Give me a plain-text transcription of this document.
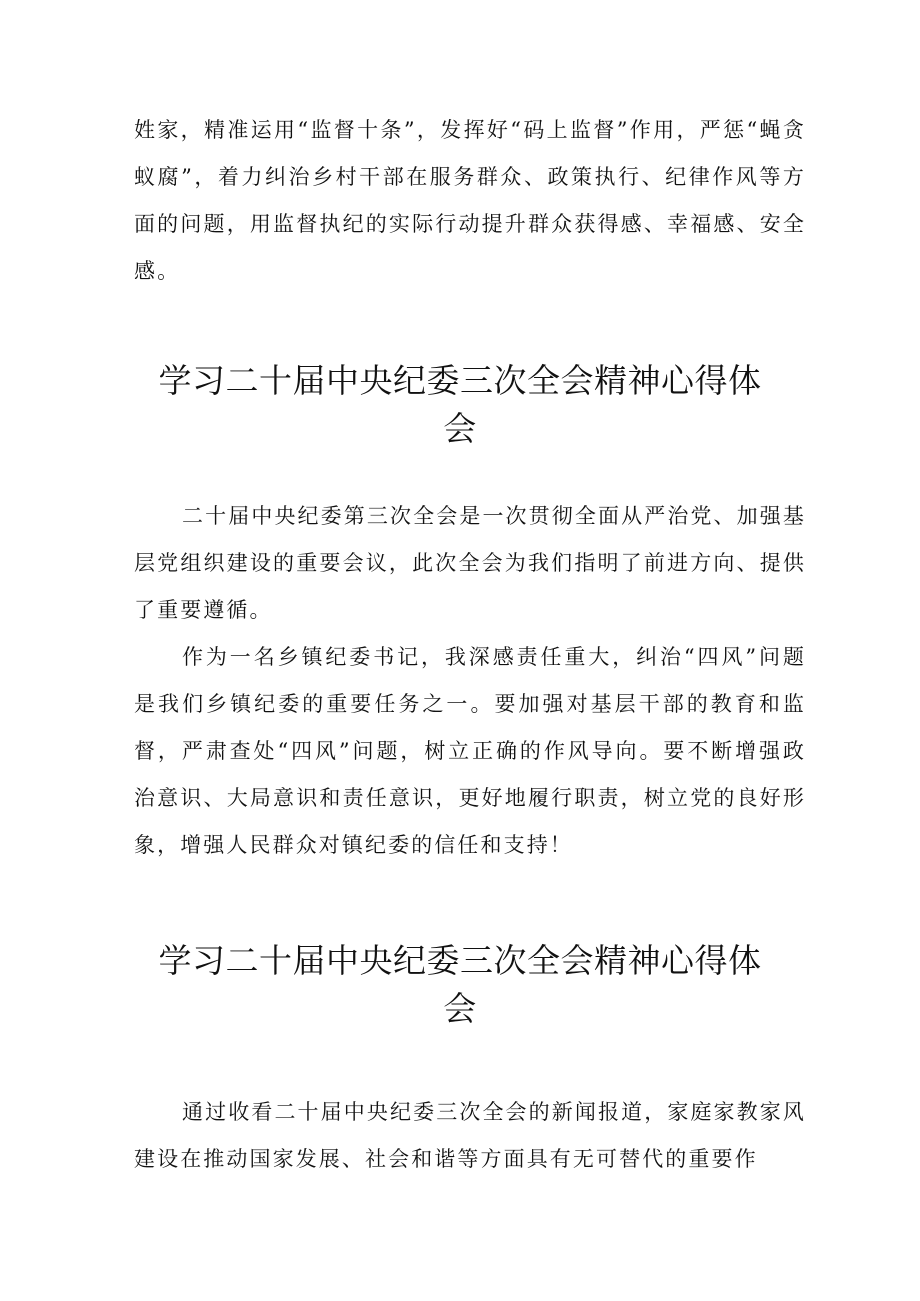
姓家，精准运用“监督十条”，发挥好“码上监督”作用，严惩“蝇贪蚁腐”，着力纠治乡村干部在服务群众、政策执行、纪律作风等方面的问题，用监督执纪的实际行动提升群众获得感、幸福感、安全感。

学习二十届中央纪委三次全会精神心得体会

二十届中央纪委第三次全会是一次贯彻全面从严治党、加强基层党组织建设的重要会议，此次全会为我们指明了前进方向、提供了重要遵循。

作为一名乡镇纪委书记，我深感责任重大，纠治“四风”问题是我们乡镇纪委的重要任务之一。要加强对基层干部的教育和监督，严肃查处“四风”问题，树立正确的作风导向。要不断增强政治意识、大局意识和责任意识，更好地履行职责，树立党的良好形象，增强人民群众对镇纪委的信任和支持！

学习二十届中央纪委三次全会精神心得体会

通过收看二十届中央纪委三次全会的新闻报道，家庭家教家风建设在推动国家发展、社会和谐等方面具有无可替代的重要作
